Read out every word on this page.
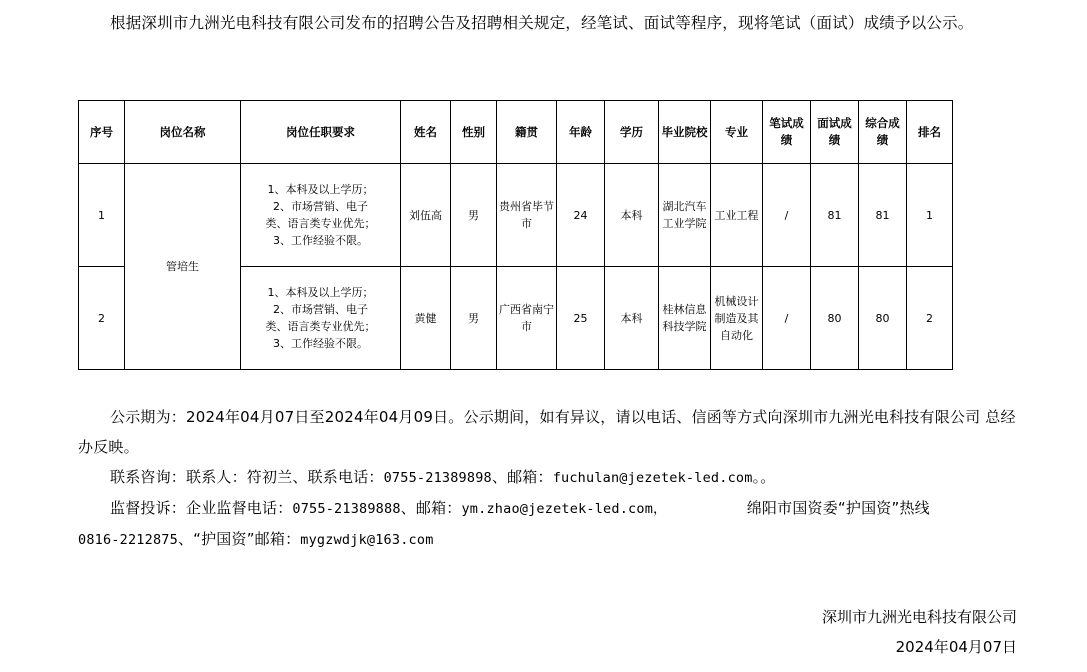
根据深圳市九洲光电科技有限公司发布的招聘公告及招聘相关规定，经笔试、面试等程序，现将笔试（面试）成绩予以公示。
序号	岗位名称	岗位任职要求	姓名	性别	籍贯	年龄	学历	毕业院校	专业	笔试成绩	面试成绩	综合成绩	排名
1	管培生	1、本科及以上学历；
2、市场营销、电子
类、语言类专业优先；
3、工作经验不限。	刘伍高	男	贵州省毕节市	24	本科	湖北汽车工业学院	工业工程	/	81	81	1
2		1、本科及以上学历；
2、市场营销、电子
类、语言类专业优先；
3、工作经验不限。	黄健	男	广西省南宁市	25	本科	桂林信息科技学院	机械设计制造及其自动化	/	80	80	2

公示期为：2024年04月07日至2024年04月09日。公示期间，如有异议，请以电话、信函等方式向深圳市九洲光电科技有限公司 总经办反映。

联系咨询：联系人：符初兰、联系电话：0755-21389898、邮箱：fuchulan@jezetek-led.com。。

监督投诉：企业监督电话：0755-21389888、邮箱：ym.zhao@jezetek-led.com，	绵阳市国资委“护国资”热线

0816-2212875、“护国资”邮箱：mygzwdjk@163.com

深圳市九洲光电科技有限公司
2024年04月07日
